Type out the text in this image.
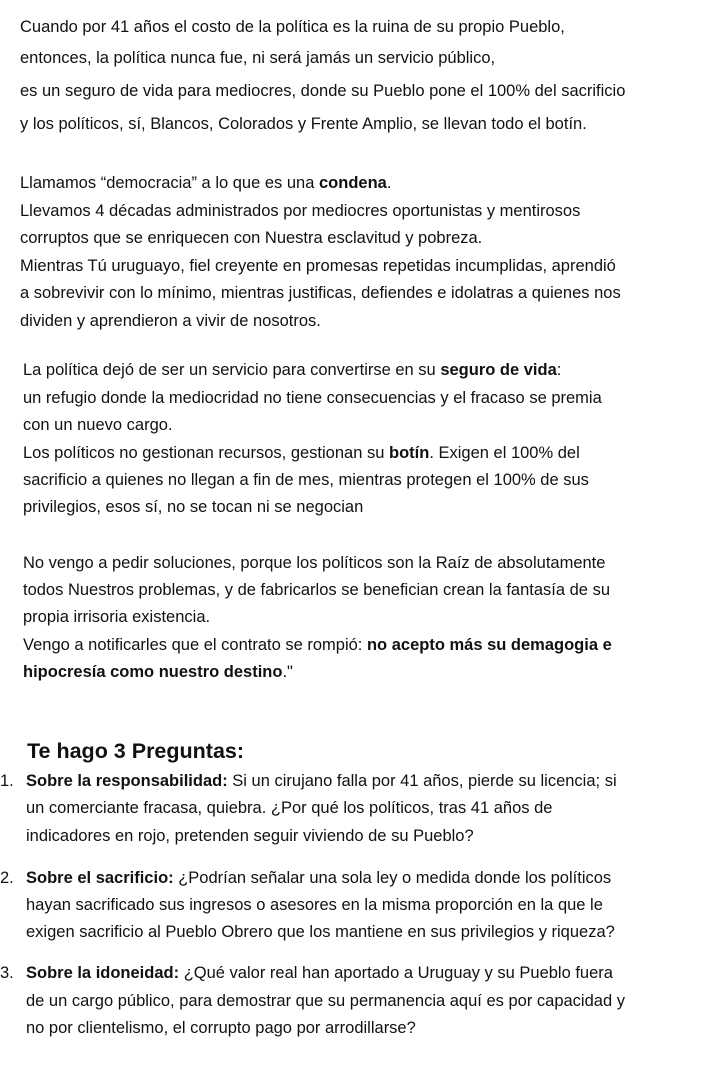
Cuando por 41 años el costo de la política es la ruina de su propio Pueblo,
entonces, la política nunca fue, ni será jamás un servicio público,
es un seguro de vida para mediocres, donde su Pueblo pone el 100% del sacrificio
y los políticos, sí, Blancos, Colorados y Frente Amplio, se llevan todo el botín.
Llamamos “democracia” a lo que es una condena.
Llevamos 4 décadas administrados por mediocres oportunistas y mentirosos
corruptos que se enriquecen con Nuestra esclavitud y pobreza.
Mientras Tú uruguayo, fiel creyente en promesas repetidas incumplidas, aprendió
a sobrevivir con lo mínimo, mientras justificas, defiendes e idolatras a quienes nos
dividen y aprendieron a vivir de nosotros.
La política dejó de ser un servicio para convertirse en su seguro de vida:
un refugio donde la mediocridad no tiene consecuencias y el fracaso se premia
con un nuevo cargo.
Los políticos no gestionan recursos, gestionan su botín. Exigen el 100% del
sacrificio a quienes no llegan a fin de mes, mientras protegen el 100% de sus
privilegios, esos sí, no se tocan ni se negocian
No vengo a pedir soluciones, porque los políticos son la Raíz de absolutamente
todos Nuestros problemas, y de fabricarlos se benefician crean la fantasía de su
propia irrisoria existencia.
Vengo a notificarles que el contrato se rompió: no acepto más su demagogia e
hipocresía como nuestro destino."
Te hago 3 Preguntas:
1. Sobre la responsabilidad: Si un cirujano falla por 41 años, pierde su licencia; si
un comerciante fracasa, quiebra. ¿Por qué los políticos, tras 41 años de
indicadores en rojo, pretenden seguir viviendo de su Pueblo?
2. Sobre el sacrificio: ¿Podrían señalar una sola ley o medida donde los políticos
hayan sacrificado sus ingresos o asesores en la misma proporción en la que le
exigen sacrificio al Pueblo Obrero que los mantiene en sus privilegios y riqueza?
3. Sobre la idoneidad: ¿Qué valor real han aportado a Uruguay y su Pueblo fuera
de un cargo público, para demostrar que su permanencia aquí es por capacidad y
no por clientelismo, el corrupto pago por arrodillarse?
